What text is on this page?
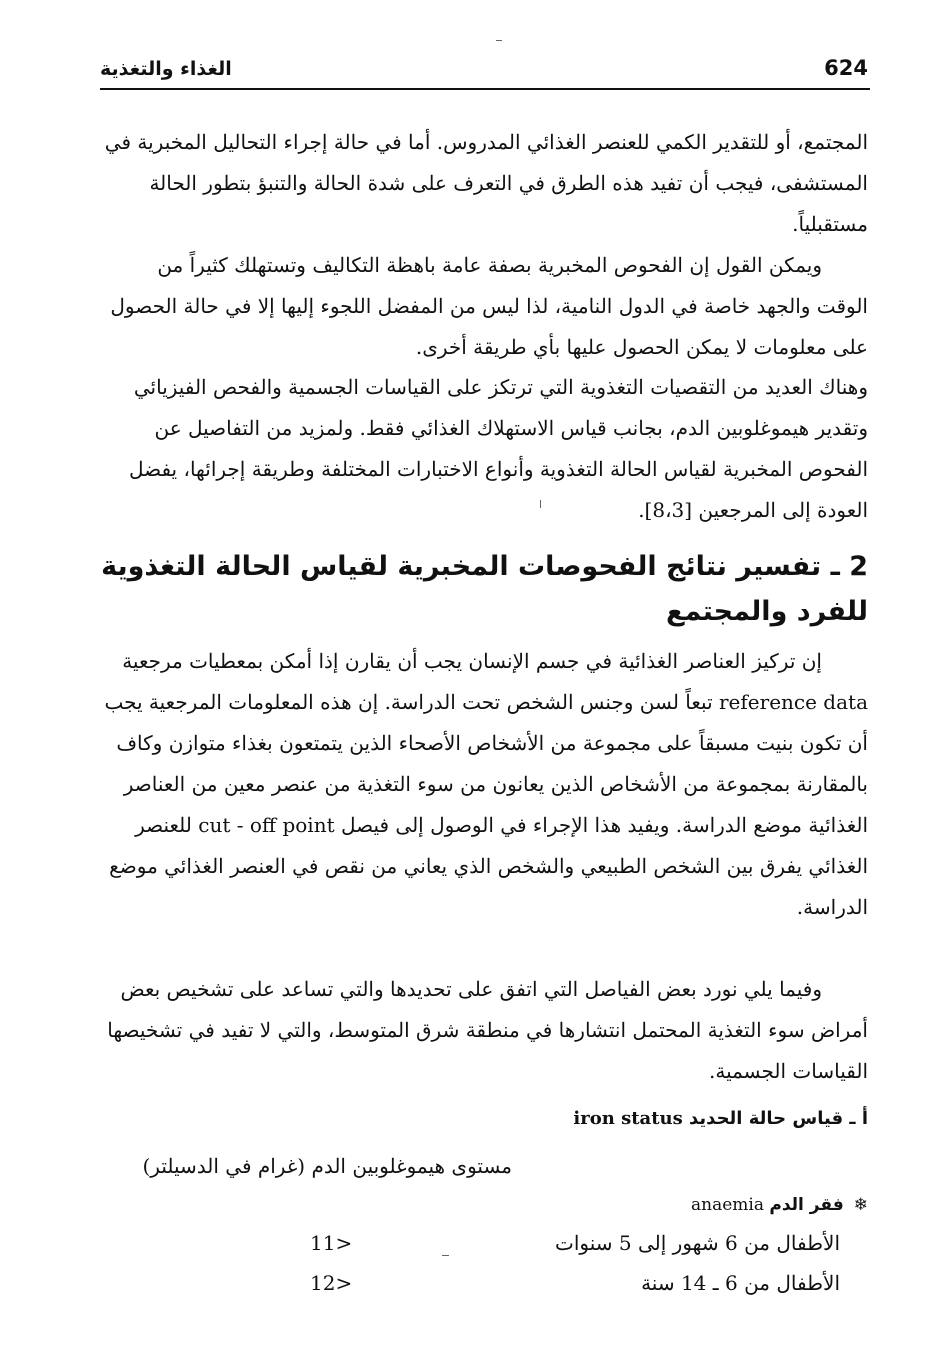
الغذاء والتغذية	624

المجتمع، أو للتقدير الكمي للعنصر الغذائي المدروس. أما في حالة إجراء التحاليل المخبرية في المستشفى، فيجب أن تفيد هذه الطرق في التعرف على شدة الحالة والتنبؤ بتطور الحالة مستقبلياً.

ويمكن القول إن الفحوص المخبرية بصفة عامة باهظة التكاليف وتستهلك كثيراً من الوقت والجهد خاصة في الدول النامية، لذا ليس من المفضل اللجوء إليها إلا في حالة الحصول على معلومات لا يمكن الحصول عليها بأي طريقة أخرى.

وهناك العديد من التقصيات التغذوية التي ترتكز على القياسات الجسمية والفحص الفيزيائي وتقدير هيموغلوبين الدم، بجانب قياس الاستهلاك الغذائي فقط. ولمزيد من التفاصيل عن الفحوص المخبرية لقياس الحالة التغذوية وأنواع الاختبارات المختلفة وطريقة إجرائها، يفضل العودة إلى المرجعين [8،3].

2 ـ تفسير نتائج الفحوصات المخبرية لقياس الحالة التغذوية للفرد والمجتمع

إن تركيز العناصر الغذائية في جسم الإنسان يجب أن يقارن إذا أمكن بمعطيات مرجعية reference data تبعاً لسن وجنس الشخص تحت الدراسة. إن هذه المعلومات المرجعية يجب أن تكون بنيت مسبقاً على مجموعة من الأشخاص الأصحاء الذين يتمتعون بغذاء متوازن وكاف بالمقارنة بمجموعة من الأشخاص الذين يعانون من سوء التغذية من عنصر معين من العناصر الغذائية موضع الدراسة. ويفيد هذا الإجراء في الوصول إلى فيصل cut - off point للعنصر الغذائي يفرق بين الشخص الطبيعي والشخص الذي يعاني من نقص في العنصر الغذائي موضع الدراسة.

وفيما يلي نورد بعض الفياصل التي اتفق على تحديدها والتي تساعد على تشخيص بعض أمراض سوء التغذية المحتمل انتشارها في منطقة شرق المتوسط، والتي لا تفيد في تشخيصها القياسات الجسمية.

أ ـ قياس حالة الحديد iron status

مستوى هيموغلوبين الدم (غرام في الدسيلتر)

❄فقر الدم anaemia

11>	الأطفال من 6 شهور إلى 5 سنوات
12>	الأطفال من 6 ـ 14 سنة
